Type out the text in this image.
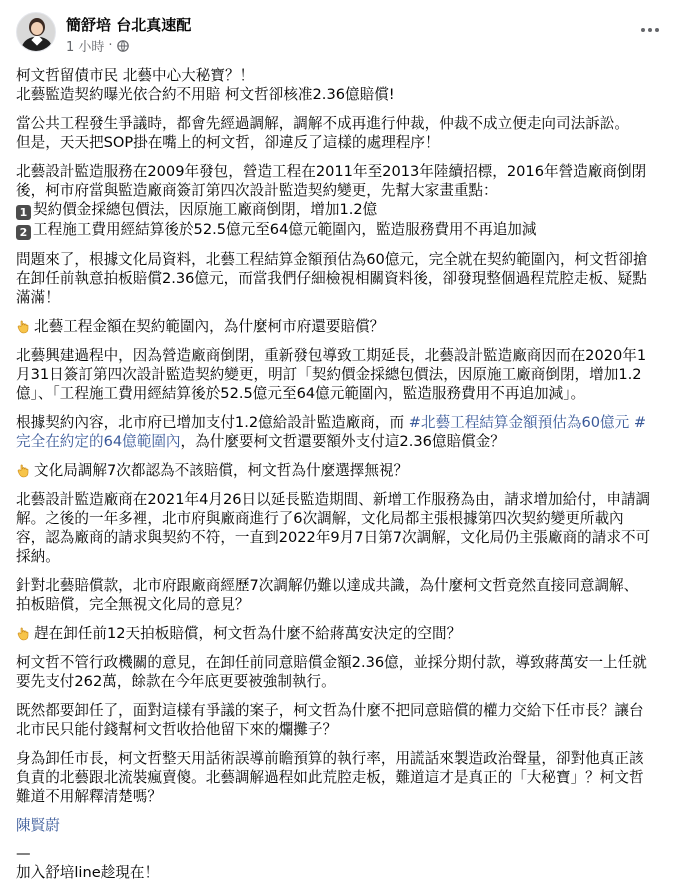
簡舒培 台北真速配
1 小時 ·
柯文哲留債市民 北藝中心大秘寶？！
北藝監造契約曝光依合約不用賠 柯文哲卻核准2.36億賠償!
當公共工程發生爭議時，都會先經過調解，調解不成再進行仲裁，仲裁不成立便走向司法訴訟。
但是，天天把SOP掛在嘴上的柯文哲，卻違反了這樣的處理程序！
北藝設計監造服務在2009年發包，營造工程在2011年至2013年陸續招標，2016年營造廠商倒閉
後，柯市府當與監造廠商簽訂第四次設計監造契約變更，先幫大家畫重點：
1 契約價金採總包價法，因原施工廠商倒閉，增加1.2億
2 工程施工費用經結算後於52.5億元至64億元範圍內，監造服務費用不再追加減
問題來了，根據文化局資料，北藝工程結算金額預估為60億元，完全就在契約範圍內，柯文哲卻搶
在卸任前執意拍板賠償2.36億元，而當我們仔細檢視相關資料後，卻發現整個過程荒腔走板、疑點
滿滿！
北藝工程金額在契約範圍內，為什麼柯市府還要賠償？
北藝興建過程中，因為營造廠商倒閉，重新發包導致工期延長，北藝設計監造廠商因而在2020年1
月31日簽訂第四次設計監造契約變更，明訂「契約價金採總包價法，因原施工廠商倒閉，增加1.2
億」、「工程施工費用經結算後於52.5億元至64億元範圍內，監造服務費用不再追加減」。
根據契約內容，北市府已增加支付1.2億給設計監造廠商，而 #北藝工程結算金額預估為60億元 #
完全在約定的64億範圍內，為什麼要柯文哲還要額外支付這2.36億賠償金？
文化局調解7次都認為不該賠償，柯文哲為什麼選擇無視？
北藝設計監造廠商在2021年4月26日以延長監造期間、新增工作服務為由，請求增加給付，申請調
解。之後的一年多裡，北市府與廠商進行了6次調解，文化局都主張根據第四次契約變更所載內
容，認為廠商的請求與契約不符，一直到2022年9月7日第7次調解，文化局仍主張廠商的請求不可
採納。
針對北藝賠償款，北市府跟廠商經歷7次調解仍難以達成共識，為什麼柯文哲竟然直接同意調解、
拍板賠償，完全無視文化局的意見？
趕在卸任前12天拍板賠償，柯文哲為什麼不給蔣萬安決定的空間？
柯文哲不管行政機關的意見，在卸任前同意賠償金額2.36億，並採分期付款，導致蔣萬安一上任就
要先支付262萬，餘款在今年底更要被強制執行。
既然都要卸任了，面對這樣有爭議的案子，柯文哲為什麼不把同意賠償的權力交給下任市長？讓台
北市民只能付錢幫柯文哲收拾他留下來的爛攤子？
身為卸任市長，柯文哲整天用話術誤導前瞻預算的執行率，用謊話來製造政治聲量，卻對他真正該
負責的北藝跟北流裝瘋賣傻。北藝調解過程如此荒腔走板，難道這才是真正的「大秘寶」？柯文哲
難道不用解釋清楚嗎？
陳賢蔚
—
加入舒培line趁現在！
